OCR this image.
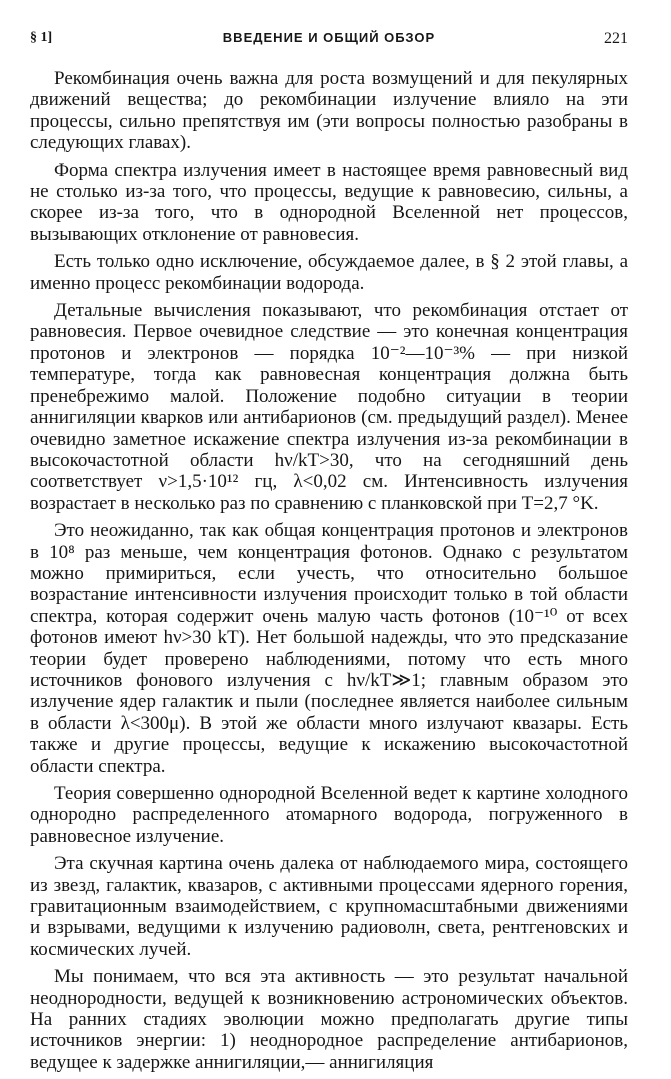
§ 1]	ВВЕДЕНИЕ И ОБЩИЙ ОБЗОР	221

Рекомбинация очень важна для роста возмущений и для пекулярных движений вещества; до рекомбинации излучение влияло на эти процессы, сильно препятствуя им (эти вопросы полностью разобраны в следующих главах).

Форма спектра излучения имеет в настоящее время равновесный вид не столько из-за того, что процессы, ведущие к равновесию, сильны, а скорее из-за того, что в однородной Вселенной нет процессов, вызывающих отклонение от равновесия.

Есть только одно исключение, обсуждаемое далее, в § 2 этой главы, а именно процесс рекомбинации водорода.

Детальные вычисления показывают, что рекомбинация отстает от равновесия. Первое очевидное следствие — это конечная концентрация протонов и электронов — порядка 10⁻²—10⁻³% — при низкой температуре, тогда как равновесная концентрация должна быть пренебрежимо малой. Положение подобно ситуации в теории аннигиляции кварков или антибарионов (см. предыдущий раздел). Менее очевидно заметное искажение спектра излучения из-за рекомбинации в высокочастотной области hν/kT>30, что на сегодняшний день соответствует ν>1,5·10¹² гц, λ<0,02 см. Интенсивность излучения возрастает в несколько раз по сравнению с планковской при T=2,7 °K.

Это неожиданно, так как общая концентрация протонов и электронов в 10⁸ раз меньше, чем концентрация фотонов. Однако с результатом можно примириться, если учесть, что относительно большое возрастание интенсивности излучения происходит только в той области спектра, которая содержит очень малую часть фотонов (10⁻¹⁰ от всех фотонов имеют hν>30 kT). Нет большой надежды, что это предсказание теории будет проверено наблюдениями, потому что есть много источников фонового излучения с hν/kT≫1; главным образом это излучение ядер галактик и пыли (последнее является наиболее сильным в области λ<300μ). В этой же области много излучают квазары. Есть также и другие процессы, ведущие к искажению высокочастотной области спектра.

Теория совершенно однородной Вселенной ведет к картине холодного однородно распределенного атомарного водорода, погруженного в равновесное излучение.

Эта скучная картина очень далека от наблюдаемого мира, состоящего из звезд, галактик, квазаров, с активными процессами ядерного горения, гравитационным взаимодействием, с крупномасштабными движениями и взрывами, ведущими к излучению радиоволн, света, рентгеновских и космических лучей.

Мы понимаем, что вся эта активность — это результат начальной неоднородности, ведущей к возникновению астрономических объектов. На ранних стадиях эволюции можно предполагать другие типы источников энергии: 1) неоднородное распределение антибарионов, ведущее к задержке аннигиляции,— аннигиляция
